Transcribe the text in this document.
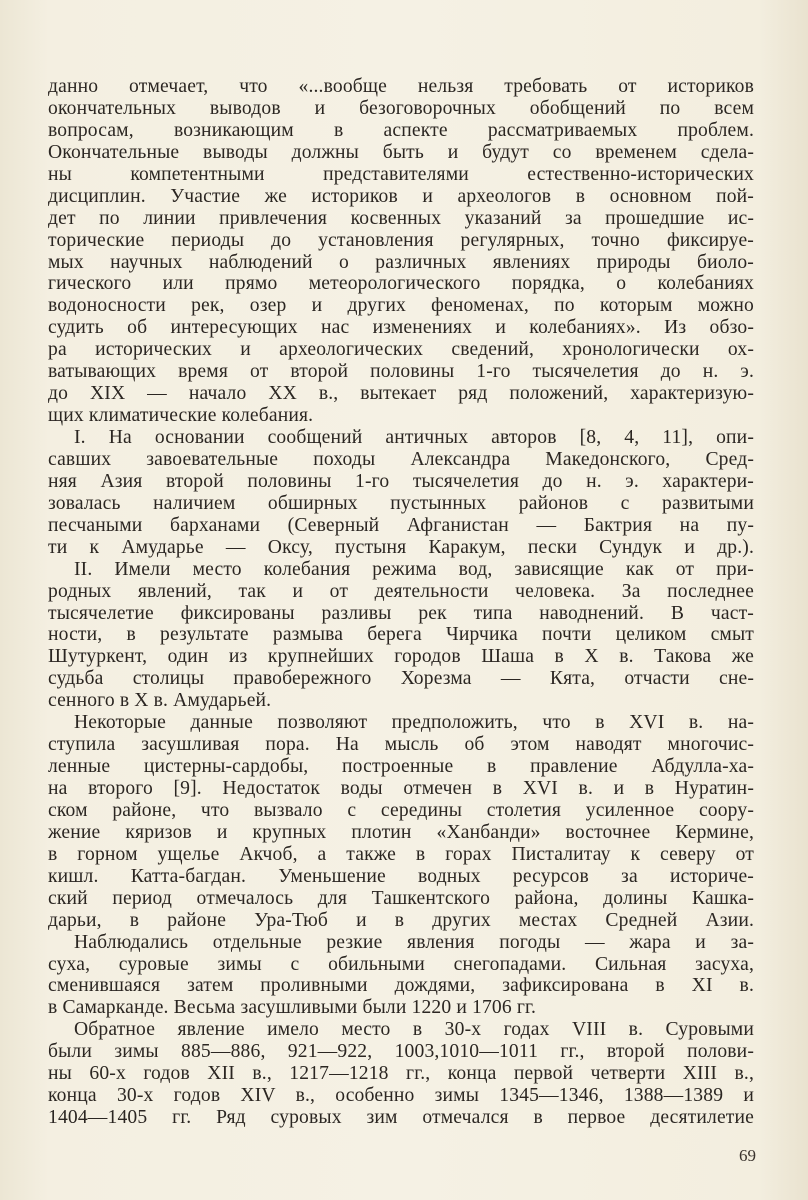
данно отмечает, что «...вообще нельзя требовать от историков
окончательных выводов и безоговорочных обобщений по всем
вопросам, возникающим в аспекте рассматриваемых проблем.
Окончательные выводы должны быть и будут со временем сдела-
ны компетентными представителями естественно-исторических
дисциплин. Участие же историков и археологов в основном пой-
дет по линии привлечения косвенных указаний за прошедшие ис-
торические периоды до установления регулярных, точно фиксируе-
мых научных наблюдений о различных явлениях природы биоло-
гического или прямо метеорологического порядка, о колебаниях
водоносности рек, озер и других феноменах, по которым можно
судить об интересующих нас изменениях и колебаниях». Из обзо-
ра исторических и археологических сведений, хронологически ох-
ватывающих время от второй половины 1-го тысячелетия до н. э.
до XIX — начало XX в., вытекает ряд положений, характеризую-
щих климатические колебания.
I. На основании сообщений античных авторов [8, 4, 11], опи-
савших завоевательные походы Александра Македонского, Сред-
няя Азия второй половины 1-го тысячелетия до н. э. характери-
зовалась наличием обширных пустынных районов с развитыми
песчаными барханами (Северный Афганистан — Бактрия на пу-
ти к Амударье — Оксу, пустыня Каракум, пески Сундук и др.).
II. Имели место колебания режима вод, зависящие как от при-
родных явлений, так и от деятельности человека. За последнее
тысячелетие фиксированы разливы рек типа наводнений. В част-
ности, в результате размыва берега Чирчика почти целиком смыт
Шутуркент, один из крупнейших городов Шаша в X в. Такова же
судьба столицы правобережного Хорезма — Кята, отчасти сне-
сенного в X в. Амударьей.
Некоторые данные позволяют предположить, что в XVI в. на-
ступила засушливая пора. На мысль об этом наводят многочис-
ленные цистерны-сардобы, построенные в правление Абдулла-ха-
на второго [9]. Недостаток воды отмечен в XVI в. и в Нуратин-
ском районе, что вызвало с середины столетия усиленное соору-
жение кяризов и крупных плотин «Ханбанди» восточнее Кермине,
в горном ущелье Акчоб, а также в горах Писталитау к северу от
кишл. Катта-багдан. Уменьшение водных ресурсов за историче-
ский период отмечалось для Ташкентского района, долины Кашка-
дарьи, в районе Ура-Тюб и в других местах Средней Азии.
Наблюдались отдельные резкие явления погоды — жара и за-
суха, суровые зимы с обильными снегопадами. Сильная засуха,
сменившаяся затем проливными дождями, зафиксирована в XI в.
в Самарканде. Весьма засушливыми были 1220 и 1706 гг.
Обратное явление имело место в 30-х годах VIII в. Суровыми
были зимы 885—886, 921—922, 1003,1010—1011 гг., второй полови-
ны 60-х годов XII в., 1217—1218 гг., конца первой четверти XIII в.,
конца 30-х годов XIV в., особенно зимы 1345—1346, 1388—1389 и
1404—1405 гг. Ряд суровых зим отмечался в первое десятилетие
69
